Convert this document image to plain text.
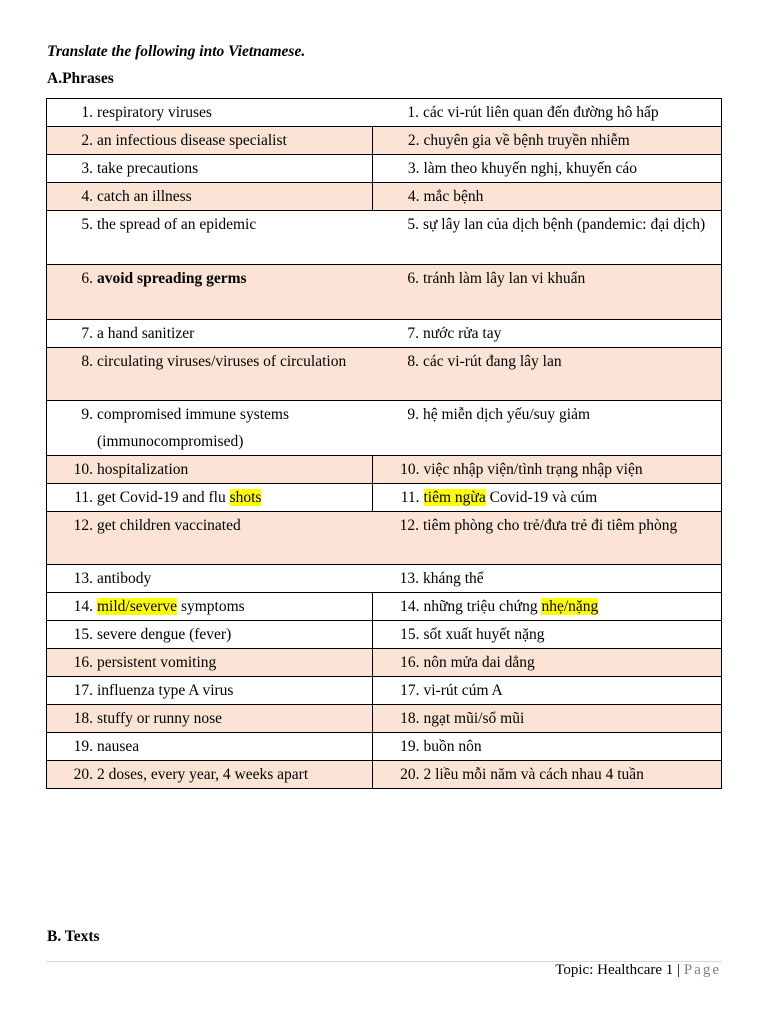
Translate the following into Vietnamese.
A.Phrases
1. respiratory viruses	1. các vi-rút liên quan đến đường hô hấp

2. an infectious disease specialist	2. chuyên gia về bệnh truyền nhiễm

3. take precautions	3. làm theo khuyến nghị, khuyến cáo

4. catch an illness	4. mắc bệnh

5. the spread of an epidemic	5. sự lây lan của dịch bệnh (pandemic: đại dịch)

6. avoid spreading germs	6. tránh làm lây lan vi khuẩn

7. a hand sanitizer	7. nước rửa tay

8. circulating viruses/viruses of circulation	8. các vi-rút đang lây lan

9. compromised immune systems (immunocompromised)	9. hệ miễn dịch yếu/suy giảm

10. hospitalization	10. việc nhập viện/tình trạng nhập viện

11. get Covid-19 and flu shots	11. tiêm ngừa Covid-19 và cúm

12. get children vaccinated	12. tiêm phòng cho trẻ/đưa trẻ đi tiêm phòng

13. antibody	13. kháng thể

14. mild/severve symptoms	14. những triệu chứng nhẹ/nặng

15. severe dengue (fever)	15. sốt xuất huyết nặng

16. persistent vomiting	16. nôn mửa dai dẳng

17. influenza type A virus	17. vi-rút cúm A

18. stuffy or runny nose	18. ngạt mũi/sổ mũi

19. nausea	19. buồn nôn

20. 2 doses, every year, 4 weeks apart	20. 2 liều mỗi năm và cách nhau 4 tuần
B. Texts
Topic: Healthcare 1 | Page
